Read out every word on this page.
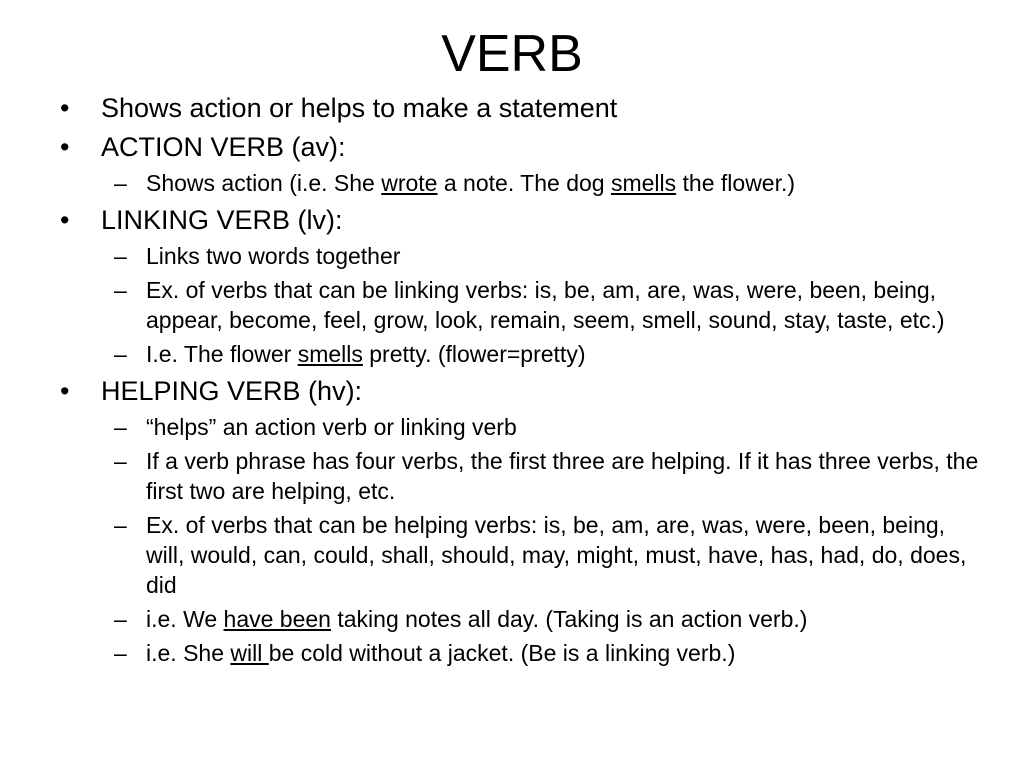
VERB
•	Shows action or helps to make a statement
•	ACTION VERB (av):
– Shows action (i.e. She wrote a note. The dog smells the flower.)
•	LINKING VERB (lv):
– Links two words together
– Ex. of verbs that can be linking verbs: is, be, am, are, was, were, been, being, appear, become, feel, grow, look, remain, seem, smell, sound, stay, taste, etc.)
– I.e. The flower smells pretty. (flower=pretty)
•	HELPING VERB (hv):
– “helps” an action verb or linking verb
– If a verb phrase has four verbs, the first three are helping. If it has three verbs, the first two are helping, etc.
– Ex. of verbs that can be helping verbs: is, be, am, are, was, were, been, being, will, would, can, could, shall, should, may, might, must, have, has, had, do, does, did
– i.e. We have been taking notes all day. (Taking is an action verb.)
– i.e. She will be cold without a jacket. (Be is a linking verb.)
